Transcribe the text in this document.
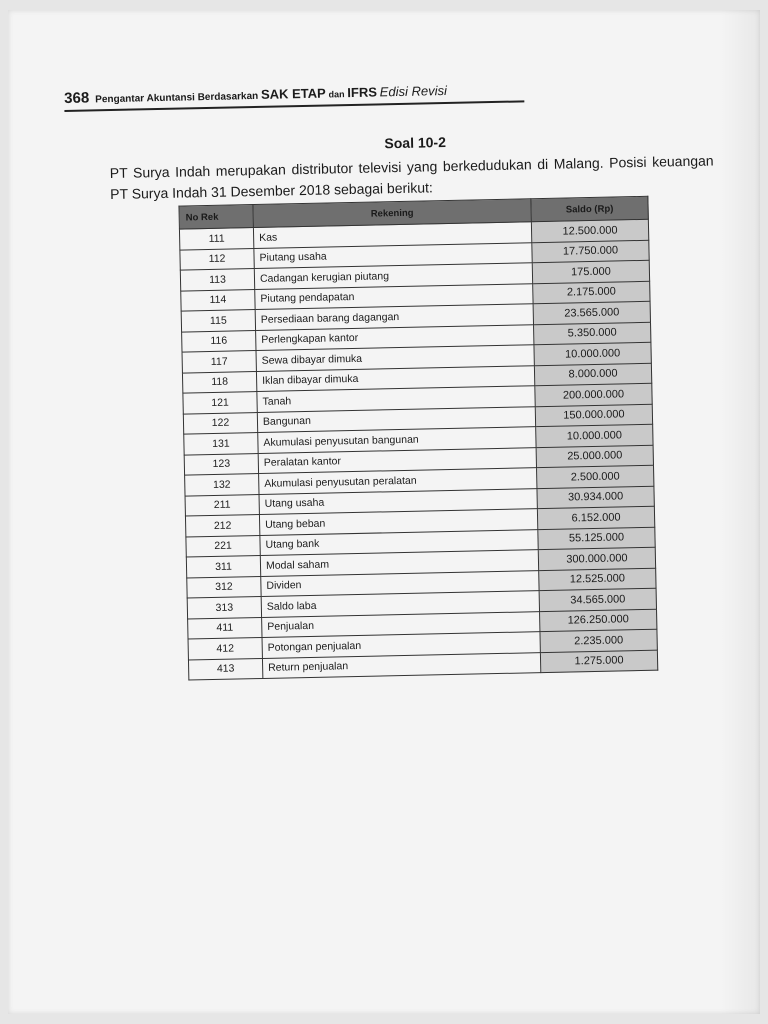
368 Pengantar Akuntansi Berdasarkan SAK ETAP dan IFRS Edisi Revisi
Soal 10-2
PT Surya Indah merupakan distributor televisi yang berkedudukan di Malang. Posisi keuangan PT Surya Indah 31 Desember 2018 sebagai berikut:
No Rek	Rekening	Saldo (Rp)
111	Kas	12.500.000
112	Piutang usaha	17.750.000
113	Cadangan kerugian piutang	175.000
114	Piutang pendapatan	2.175.000
115	Persediaan barang dagangan	23.565.000
116	Perlengkapan kantor	5.350.000
117	Sewa dibayar dimuka	10.000.000
118	Iklan dibayar dimuka	8.000.000
121	Tanah	200.000.000
122	Bangunan	150.000.000
131	Akumulasi penyusutan bangunan	10.000.000
123	Peralatan kantor	25.000.000
132	Akumulasi penyusutan peralatan	2.500.000
211	Utang usaha	30.934.000
212	Utang beban	6.152.000
221	Utang bank	55.125.000
311	Modal saham	300.000.000
312	Dividen	12.525.000
313	Saldo laba	34.565.000
411	Penjualan	126.250.000
412	Potongan penjualan	2.235.000
413	Return penjualan	1.275.000
